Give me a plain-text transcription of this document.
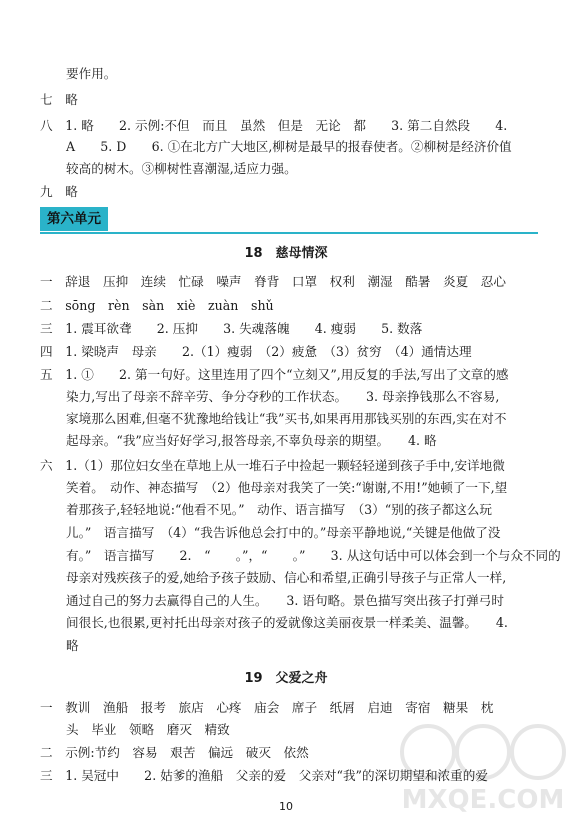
要作用。
七　略
八　1. 略　　2. 示例:不但　而且　虽然　但是　无论　都　　3. 第二自然段　　4.
A　　5. D　　6. ①在北方广大地区,柳树是最早的报春使者。②柳树是经济价值
较高的树木。③柳树性喜潮湿,适应力强。
九　略
第六单元
18　慈母情深
一　辞退　压抑　连续　忙碌　噪声　脊背　口罩　权利　潮湿　酷暑　炎夏　忍心
二　sōng　rèn　sàn　xiè　zuàn　shǔ
三　1. 震耳欲聋　　2. 压抑　　3. 失魂落魄　　4. 瘦弱　　5. 数落
四　1. 梁晓声　母亲　　2.（1）瘦弱　（2）疲惫　（3）贫穷　（4）通情达理
五　1. ①　　2. 第一句好。这里连用了四个“立刻又”,用反复的手法,写出了文章的感
染力,写出了母亲不辞辛劳、争分夺秒的工作状态。　　3. 母亲挣钱那么不容易,
家境那么困难,但毫不犹豫地给钱让“我”买书,如果再用那钱买别的东西,实在对不
起母亲。“我”应当好好学习,报答母亲,不辜负母亲的期望。　　4. 略
六　1.（1）那位妇女坐在草地上从一堆石子中捡起一颗轻轻递到孩子手中,安详地微
笑着。　动作、神态描写　（2）他母亲对我笑了一笑:“谢谢,不用!”她顿了一下,望
着那孩子,轻轻地说:“他看不见。”　动作、语言描写　（3）“别的孩子都这么玩
儿。”　语言描写　（4）“我告诉他总会打中的。”母亲平静地说,“关键是他做了没
有。”　语言描写　　2.　“　　。”，“　　。”　　3. 从这句话中可以体会到一个与众不同的
母亲对残疾孩子的爱,她给予孩子鼓励、信心和希望,正确引导孩子与正常人一样,
通过自己的努力去赢得自己的人生。　　3. 语句略。景色描写突出孩子打弹弓时
间很长,也很累,更衬托出母亲对孩子的爱就像这美丽夜景一样柔美、温馨。　　4.
略
19　父爱之舟
一　教训　渔船　报考　旅店　心疼　庙会　席子　纸屑　启迪　寄宿　糖果　枕
头　毕业　领略　磨灭　精致
二　示例:节约　容易　艰苦　偏远　破灭　依然
三　1. 吴冠中　　2. 姑爹的渔船　父亲的爱　父亲对“我”的深切期望和浓重的爱
10	MXQE.COM
